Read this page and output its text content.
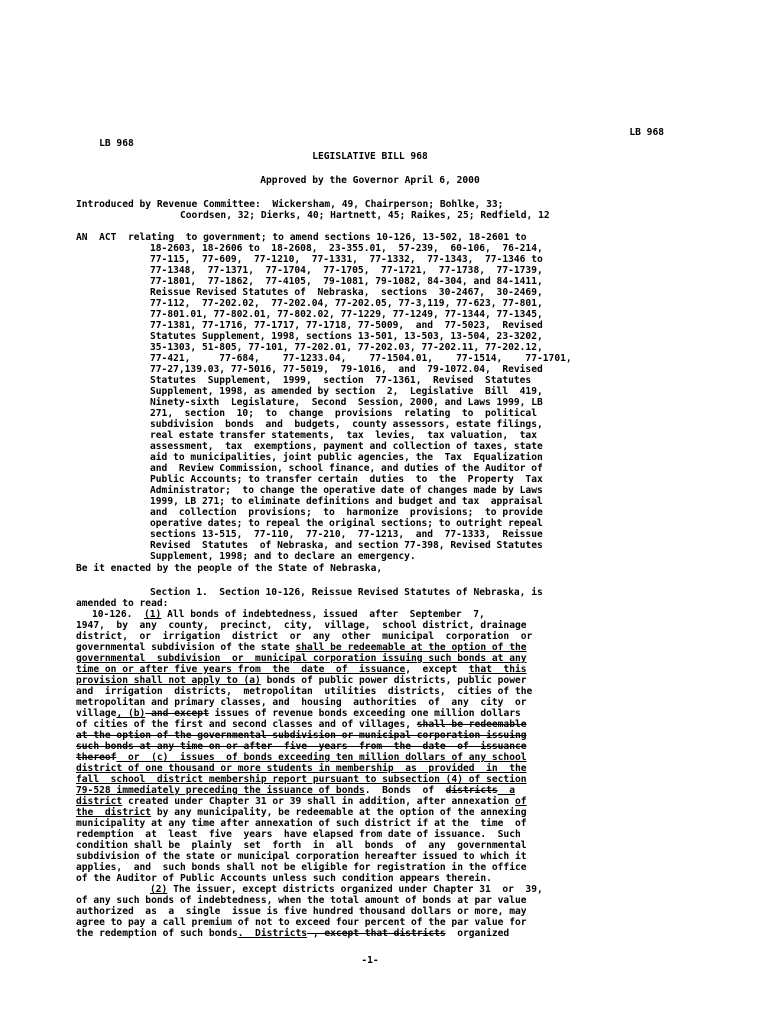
LB 968

LB 968

LEGISLATIVE BILL 968
Approved by the Governor April 6, 2000
Introduced by Revenue Committee:  Wickersham, 49, Chairperson; Bohlke, 33;
Coordsen, 32; Dierks, 40; Hartnett, 45; Raikes, 25; Redfield, 12
AN  ACT  relating  to government; to amend sections 10-126, 13-502, 18-2601 to
18-2603, 18-2606 to  18-2608,  23-355.01,  57-239,  60-106,  76-214,
77-115,  77-609,  77-1210,  77-1331,  77-1332,  77-1343,  77-1346 to
77-1348,  77-1371,  77-1704,  77-1705,  77-1721,  77-1738,  77-1739,
77-1801,  77-1862,  77-4105,  79-1081, 79-1082, 84-304, and 84-1411,
Reissue Revised Statutes of  Nebraska,  sections  30-2467,  30-2469,
77-112,  77-202.02,  77-202.04, 77-202.05, 77-3,119, 77-623, 77-801,
77-801.01, 77-802.01, 77-802.02, 77-1229, 77-1249, 77-1344, 77-1345,
77-1381, 77-1716, 77-1717, 77-1718, 77-5009,  and  77-5023,  Revised
Statutes Supplement, 1998, sections 13-501, 13-503, 13-504, 23-3202,
35-1303, 51-805, 77-101, 77-202.01, 77-202.03, 77-202.11, 77-202.12,
77-421,     77-684,    77-1233.04,    77-1504.01,    77-1514,    77-1701,
77-27,139.03, 77-5016, 77-5019,  79-1016,  and  79-1072.04,  Revised
Statutes  Supplement,  1999,  section  77-1361,  Revised  Statutes
Supplement, 1998, as amended by section  2,  Legislative  Bill  419,
Ninety-sixth  Legislature,  Second  Session, 2000, and Laws 1999, LB
271,  section  10;  to  change  provisions  relating  to  political
subdivision  bonds  and  budgets,  county assessors, estate filings,
real estate transfer statements,  tax  levies,  tax valuation,  tax
assessment,  tax  exemptions, payment and collection of taxes, state
aid to municipalities, joint public agencies, the  Tax  Equalization
and  Review Commission, school finance, and duties of the Auditor of
Public Accounts; to transfer certain  duties  to  the  Property  Tax
Administrator;  to change the operative date of changes made by Laws
1999, LB 271; to eliminate definitions and budget and tax  appraisal
and  collection  provisions;  to  harmonize  provisions;  to provide
operative dates; to repeal the original sections; to outright repeal
sections 13-515,  77-110,  77-210,  77-1213,  and  77-1333,  Reissue
Revised  Statutes  of Nebraska, and section 77-398, Revised Statutes
Supplement, 1998; and to declare an emergency.
Be it enacted by the people of the State of Nebraska,
Section 1.  Section 10-126, Reissue Revised Statutes of Nebraska, is
amended to read:
10-126.  (1) All bonds of indebtedness, issued  after  September  7,
1947,  by  any  county,  precinct,  city,  village,  school district, drainage
district,  or  irrigation  district  or  any  other  municipal  corporation  or
governmental subdivision of the state shall be redeemable at the option of the
governmental  subdivision  or  municipal corporation issuing such bonds at any
time on or after five years from  the  date  of  issuance,  except  that  this
provision shall not apply to (a) bonds of public power districts, public power
and  irrigation  districts,  metropolitan  utilities  districts,  cities of the
metropolitan and primary classes, and  housing  authorities  of  any  city  or
village, (b) and except issues of revenue bonds exceeding one million dollars
of cities of the first and second classes and of villages, shall be redeemable
at the option of the governmental subdivision or municipal corporation issuing
such bonds at any time on or after  five  years  from  the  date  of  issuance
thereof  or  (c)  issues  of bonds exceeding ten million dollars of any school
district of one thousand or more students in membership  as  provided  in  the
fall  school  district membership report pursuant to subsection (4) of section
79-528 immediately preceding the issuance of bonds.  Bonds  of  districts  a
district created under Chapter 31 or 39 shall in addition, after annexation of
the  district by any municipality, be redeemable at the option of the annexing
municipality at any time after annexation of such district if at the  time  of
redemption  at  least  five  years  have elapsed from date of issuance.  Such
condition shall be  plainly  set  forth  in  all  bonds  of  any  governmental
subdivision of the state or municipal corporation hereafter issued to which it
applies,  and  such bonds shall not be eligible for registration in the office
of the Auditor of Public Accounts unless such condition appears therein.
(2) The issuer, except districts organized under Chapter 31  or  39,
of any such bonds of indebtedness, when the total amount of bonds at par value
authorized  as  a  single  issue is five hundred thousand dollars or more, may
agree to pay a call premium of not to exceed four percent of the par value for
the redemption of such bonds.  Districts , except that districts  organized
-1-
